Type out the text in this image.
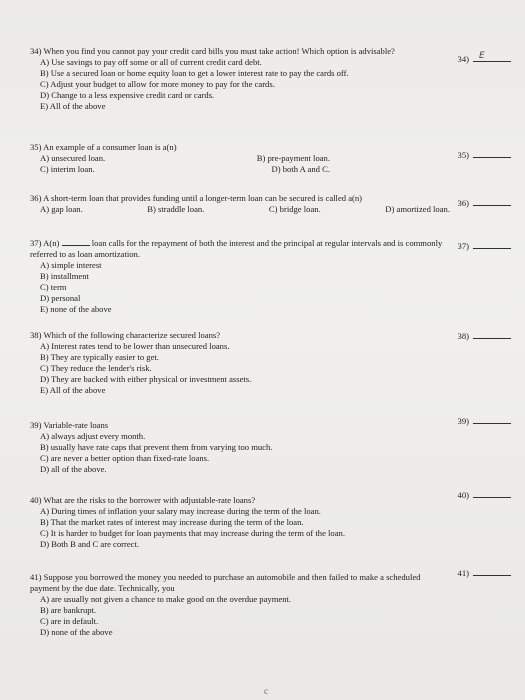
34) When you find you cannot pay your credit card bills you must take action! Which option is advisable?
A) Use savings to pay off some or all of current credit card debt.
B) Use a secured loan or home equity loan to get a lower interest rate to pay the cards off.
C) Adjust your budget to allow for more money to pay for the cards.
D) Change to a less expensive credit card or cards.
E) All of the above
34) E
35) An example of a consumer loan is a(n)
A) unsecured loan.	B) pre-payment loan.
C) interim loan.	D) both A and C.
35)
36) A short-term loan that provides funding until a longer-term loan can be secured is called a(n)
A) gap loan.	B) straddle loan.	C) bridge loan.	D) amortized loan.
36)
37) A(n)	loan calls for the repayment of both the interest and the principal at regular intervals and is commonly referred to as loan amortization.
A) simple interest
B) installment
C) term
D) personal
E) none of the above
37)
38) Which of the following characterize secured loans?
A) Interest rates tend to be lower than unsecured loans.
B) They are typically easier to get.
C) They reduce the lender's risk.
D) They are backed with either physical or investment assets.
E) All of the above
38)
39) Variable-rate loans
A) always adjust every month.
B) usually have rate caps that prevent them from varying too much.
C) are never a better option than fixed-rate loans.
D) all of the above.
39)
40) What are the risks to the borrower with adjustable-rate loans?
A) During times of inflation your salary may increase during the term of the loan.
B) That the market rates of interest may increase during the term of the loan.
C) It is harder to budget for loan payments that may increase during the term of the loan.
D) Both B and C are correct.
40)
41) Suppose you borrowed the money you needed to purchase an automobile and then failed to make a scheduled payment by the due date. Technically, you
A) are usually not given a chance to make good on the overdue payment.
B) are bankrupt.
C) are in default.
D) none of the above
41)
c
